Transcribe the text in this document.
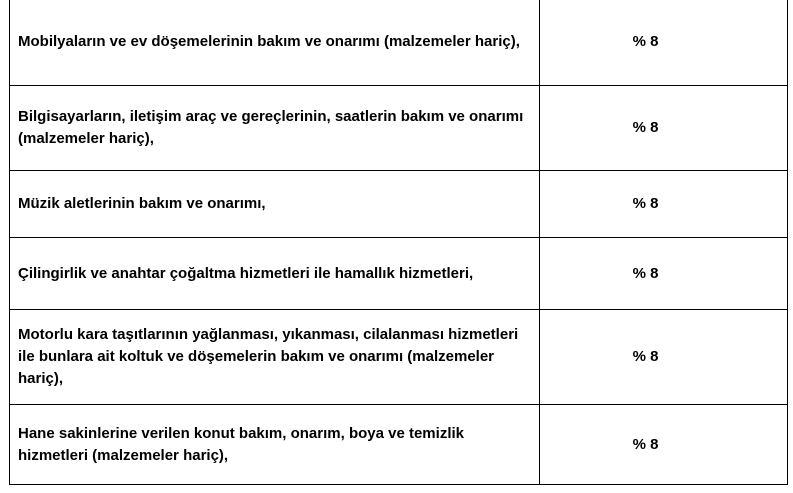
Mobilyaların ve ev döşemelerinin bakım ve onarımı (malzemeler hariç),	% 8
Bilgisayarların, iletişim araç ve gereçlerinin, saatlerin bakım ve onarımı (malzemeler hariç),	% 8
Müzik aletlerinin bakım ve onarımı,	% 8
Çilingirlik ve anahtar çoğaltma hizmetleri ile hamallık hizmetleri,	% 8
Motorlu kara taşıtlarının yağlanması, yıkanması, cilalanması hizmetleri ile bunlara ait koltuk ve döşemelerin bakım ve onarımı (malzemeler hariç),	% 8
Hane sakinlerine verilen konut bakım, onarım, boya ve temizlik hizmetleri (malzemeler hariç),	% 8
